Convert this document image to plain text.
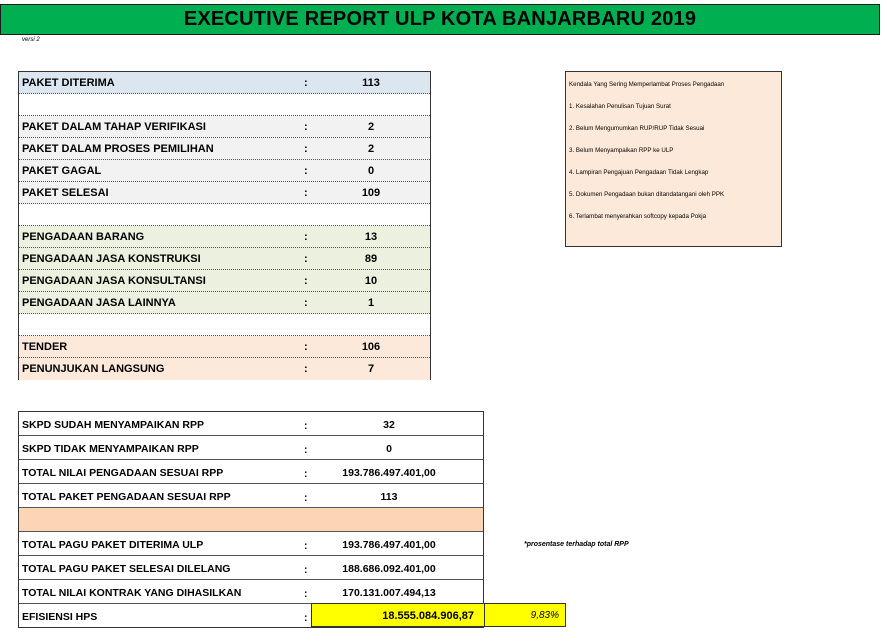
EXECUTIVE REPORT ULP KOTA BANJARBARU 2019
versi 2
PAKET DITERIMA	:	113
PAKET DALAM TAHAP VERIFIKASI	:	2
PAKET DALAM PROSES PEMILIHAN	:	2
PAKET GAGAL	:	0
PAKET SELESAI	:	109
PENGADAAN BARANG	:	13
PENGADAAN JASA KONSTRUKSI	:	89
PENGADAAN JASA KONSULTANSI	:	10
PENGADAAN JASA LAINNYA	:	1
TENDER	:	106
PENUNJUKAN LANGSUNG	:	7
Kendala Yang Sering Memperlambat Proses Pengadaan
1. Kesalahan Penulisan Tujuan Surat
2. Belum Mengumumkan RUP/RUP Tidak Sesuai
3. Belum Menyampaikan RPP ke ULP
4. Lampiran Pengajuan Pengadaan Tidak Lengkap
5. Dokumen Pengadaan bukan ditandatangani oleh PPK
6. Terlambat menyerahkan softcopy kepada Pokja
SKPD SUDAH MENYAMPAIKAN RPP	:	32
SKPD TIDAK MENYAMPAIKAN RPP	:	0
TOTAL NILAI PENGADAAN SESUAI RPP	:	193.786.497.401,00
TOTAL PAKET PENGADAAN SESUAI RPP	:	113
TOTAL PAGU PAKET DITERIMA ULP	:	193.786.497.401,00
TOTAL PAGU PAKET SELESAI DILELANG	:	188.686.092.401,00
TOTAL NILAI KONTRAK YANG DIHASILKAN	:	170.131.007.494,13
EFISIENSI HPS	:	18.555.084.906,87	9,83%
*prosentase terhadap total RPP
